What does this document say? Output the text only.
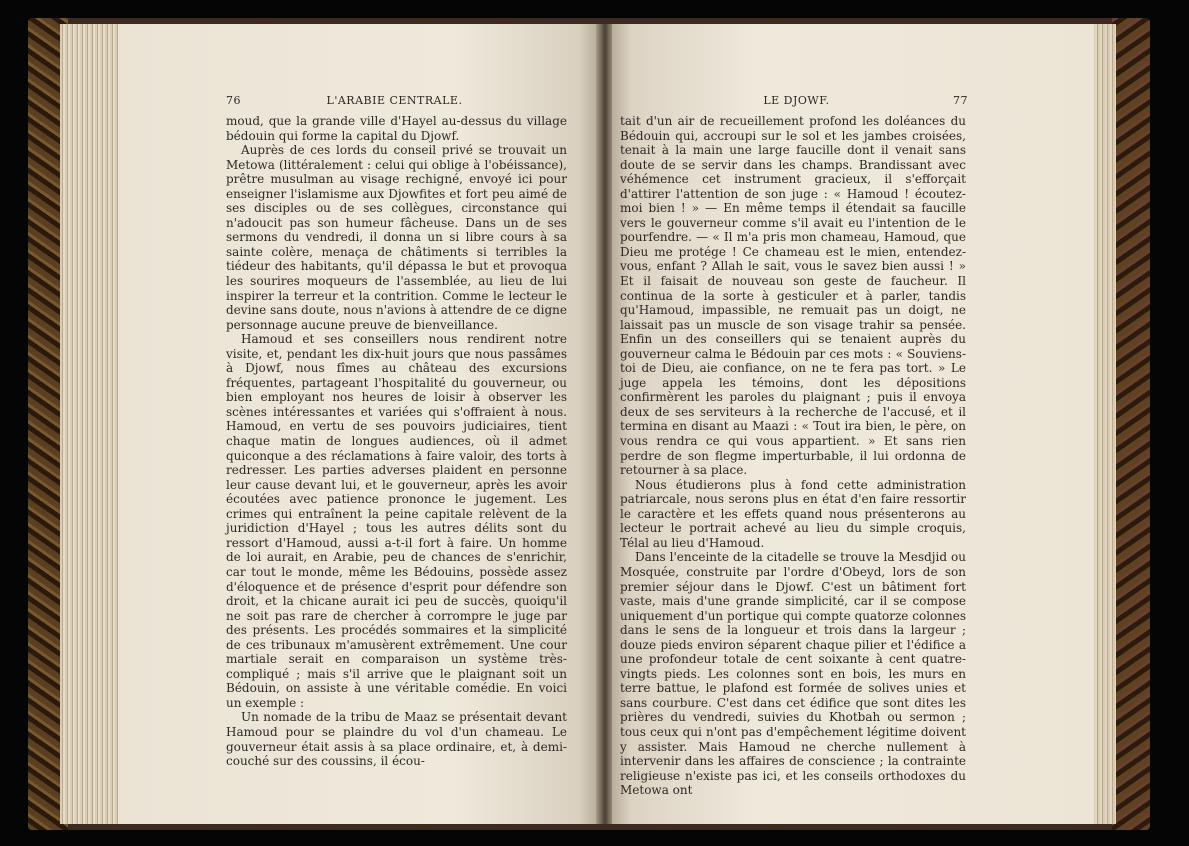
76	L'ARABIE CENTRALE.

moud, que la grande ville d'Hayel au-dessus du village bédouin qui forme la capital du Djowf.

Auprès de ces lords du conseil privé se trouvait un Metowa (littéralement : celui qui oblige à l'obéissance), prêtre musulman au visage rechigné, envoyé ici pour enseigner l'islamisme aux Djowfites et fort peu aimé de ses disciples ou de ses collègues, circonstance qui n'adoucit pas son humeur fâcheuse. Dans un de ses sermons du vendredi, il donna un si libre cours à sa sainte colère, menaça de châtiments si terribles la tiédeur des habitants, qu'il dépassa le but et provoqua les sourires moqueurs de l'assemblée, au lieu de lui inspirer la terreur et la contrition. Comme le lecteur le devine sans doute, nous n'avions à attendre de ce digne personnage aucune preuve de bienveillance.

Hamoud et ses conseillers nous rendirent notre visite, et, pendant les dix-huit jours que nous passâmes à Djowf, nous fîmes au château des excursions fréquentes, partageant l'hospitalité du gouverneur, ou bien employant nos heures de loisir à observer les scènes intéressantes et variées qui s'offraient à nous. Hamoud, en vertu de ses pouvoirs judiciaires, tient chaque matin de longues audiences, où il admet quiconque a des réclamations à faire valoir, des torts à redresser. Les parties adverses plaident en personne leur cause devant lui, et le gouverneur, après les avoir écoutées avec patience prononce le jugement. Les crimes qui entraînent la peine capitale relèvent de la juridiction d'Hayel ; tous les autres délits sont du ressort d'Hamoud, aussi a-t-il fort à faire. Un homme de loi aurait, en Arabie, peu de chances de s'enrichir, car tout le monde, même les Bédouins, possède assez d'éloquence et de présence d'esprit pour défendre son droit, et la chicane aurait ici peu de succès, quoiqu'il ne soit pas rare de chercher à corrompre le juge par des présents. Les procédés sommaires et la simplicité de ces tribunaux m'amusèrent extrêmement. Une cour martiale serait en comparaison un système très-compliqué ; mais s'il arrive que le plaignant soit un Bédouin, on assiste à une véritable comédie. En voici un exemple :

Un nomade de la tribu de Maaz se présentait devant Hamoud pour se plaindre du vol d'un chameau. Le gouverneur était assis à sa place ordinaire, et, à demi-couché sur des coussins, il écou-

LE DJOWF.	77

tait d'un air de recueillement profond les doléances du Bédouin qui, accroupi sur le sol et les jambes croisées, tenait à la main une large faucille dont il venait sans doute de se servir dans les champs. Brandissant avec véhémence cet instrument gracieux, il s'efforçait d'attirer l'attention de son juge : « Hamoud ! écoutez-moi bien ! » — En même temps il étendait sa faucille vers le gouverneur comme s'il avait eu l'intention de le pourfendre. — « Il m'a pris mon chameau, Hamoud, que Dieu me protége ! Ce chameau est le mien, entendez-vous, enfant ? Allah le sait, vous le savez bien aussi ! » Et il faisait de nouveau son geste de faucheur. Il continua de la sorte à gesticuler et à parler, tandis qu'Hamoud, impassible, ne remuait pas un doigt, ne laissait pas un muscle de son visage trahir sa pensée. Enfin un des conseillers qui se tenaient auprès du gouverneur calma le Bédouin par ces mots : « Souviens-toi de Dieu, aie confiance, on ne te fera pas tort. » Le juge appela les témoins, dont les dépositions confirmèrent les paroles du plaignant ; puis il envoya deux de ses serviteurs à la recherche de l'accusé, et il termina en disant au Maazi : « Tout ira bien, le père, on vous rendra ce qui vous appartient. » Et sans rien perdre de son flegme imperturbable, il lui ordonna de retourner à sa place.

Nous étudierons plus à fond cette administration patriarcale, nous serons plus en état d'en faire ressortir le caractère et les effets quand nous présenterons au lecteur le portrait achevé au lieu du simple croquis, Télal au lieu d'Hamoud.

Dans l'enceinte de la citadelle se trouve la Mesdjid ou Mosquée, construite par l'ordre d'Obeyd, lors de son premier séjour dans le Djowf. C'est un bâtiment fort vaste, mais d'une grande simplicité, car il se compose uniquement d'un portique qui compte quatorze colonnes dans le sens de la longueur et trois dans la largeur ; douze pieds environ séparent chaque pilier et l'édifice a une profondeur totale de cent soixante à cent quatre-vingts pieds. Les colonnes sont en bois, les murs en terre battue, le plafond est formée de solives unies et sans courbure. C'est dans cet édifice que sont dites les prières du vendredi, suivies du Khotbah ou sermon ; tous ceux qui n'ont pas d'empêchement légitime doivent y assister. Mais Hamoud ne cherche nullement à intervenir dans les affaires de conscience ; la contrainte religieuse n'existe pas ici, et les conseils orthodoxes du Metowa ont
